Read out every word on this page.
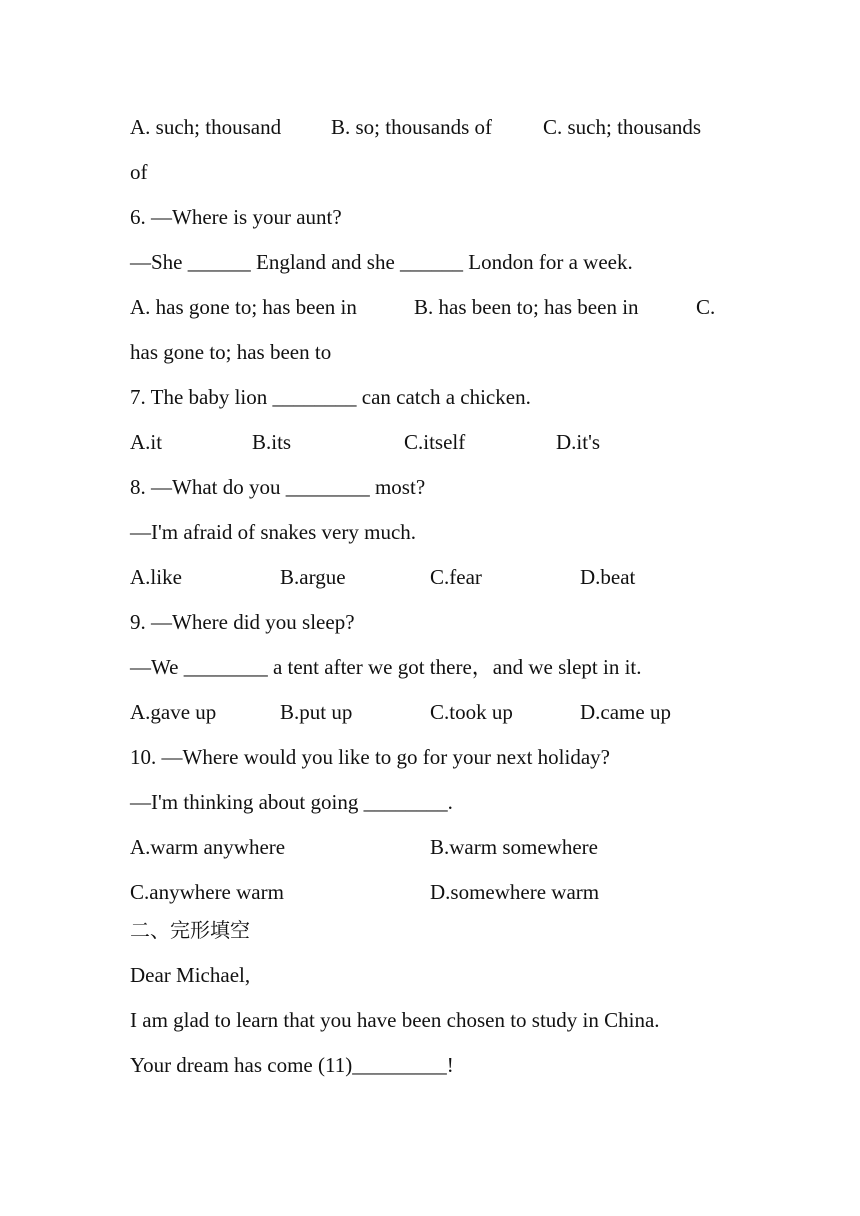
A. such; thousand	B. so; thousands of	C. such; thousands
of
6. —Where is your aunt?
—She ______ England and she ______ London for a week.
A. has gone to; has been in	B. has been to; has been in	C.
has gone to; has been to
7. The baby lion ________ can catch a chicken.
A.it	B.its	C.itself	D.it's
8. —What do you ________ most?
—I'm afraid of snakes very much.
A.like	B.argue	C.fear	D.beat
9. —Where did you sleep?
—We ________ a tent after we got there，and we slept in it.
A.gave up	B.put up	C.took up	D.came up
10. —Where would you like to go for your next holiday?
—I'm thinking about going ________.
A.warm anywhere	B.warm somewhere
C.anywhere warm	D.somewhere warm
二、完形填空
Dear Michael,
I am glad to learn that you have been chosen to study in China.
Your dream has come (11)_________!
